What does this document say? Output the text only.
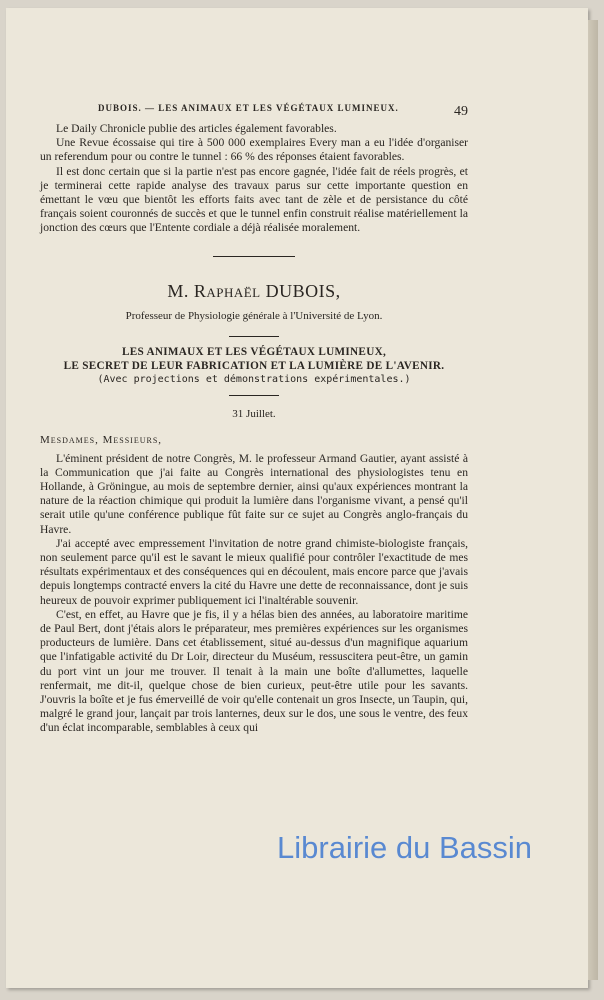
DUBOIS. — LES ANIMAUX ET LES VÉGÉTAUX LUMINEUX.	49

Le Daily Chronicle publie des articles également favorables.

Une Revue écossaise qui tire à 500 000 exemplaires Every man a eu l'idée d'organiser un referendum pour ou contre le tunnel : 66 % des réponses étaient favorables.

Il est donc certain que si la partie n'est pas encore gagnée, l'idée fait de réels progrès, et je terminerai cette rapide analyse des travaux parus sur cette importante question en émettant le vœu que bientôt les efforts faits avec tant de zèle et de persistance du côté français soient couronnés de succès et que le tunnel enfin construit réalise matériellement la jonction des cœurs que l'Entente cordiale a déjà réalisée moralement.

M. Raphaël DUBOIS,
Professeur de Physiologie générale à l'Université de Lyon.
LES ANIMAUX ET LES VÉGÉTAUX LUMINEUX,
LE SECRET DE LEUR FABRICATION ET LA LUMIÈRE DE L'AVENIR.
(Avec projections et démonstrations expérimentales.)
31 Juillet.
Mesdames, Messieurs,

L'éminent président de notre Congrès, M. le professeur Armand Gautier, ayant assisté à la Communication que j'ai faite au Congrès international des physiologistes tenu en Hollande, à Gröningue, au mois de septembre dernier, ainsi qu'aux expériences montrant la nature de la réaction chimique qui produit la lumière dans l'organisme vivant, a pensé qu'il serait utile qu'une conférence publique fût faite sur ce sujet au Congrès anglo-français du Havre.

J'ai accepté avec empressement l'invitation de notre grand chimiste-biologiste français, non seulement parce qu'il est le savant le mieux qualifié pour contrôler l'exactitude de mes résultats expérimentaux et des conséquences qui en découlent, mais encore parce que j'avais depuis longtemps contracté envers la cité du Havre une dette de reconnaissance, dont je suis heureux de pouvoir exprimer publiquement ici l'inaltérable souvenir.

C'est, en effet, au Havre que je fis, il y a hélas bien des années, au laboratoire maritime de Paul Bert, dont j'étais alors le préparateur, mes premières expériences sur les organismes producteurs de lumière. Dans cet établissement, situé au-dessus d'un magnifique aquarium que l'infatigable activité du Dr Loir, directeur du Muséum, ressuscitera peut-être, un gamin du port vint un jour me trouver. Il tenait à la main une boîte d'allumettes, laquelle renfermait, me dit-il, quelque chose de bien curieux, peut-être utile pour les savants. J'ouvris la boîte et je fus émerveillé de voir qu'elle contenait un gros Insecte, un Taupin, qui, malgré le grand jour, lançait par trois lanternes, deux sur le dos, une sous le ventre, des feux d'un éclat incomparable, semblables à ceux qui

Librairie du Bassin
